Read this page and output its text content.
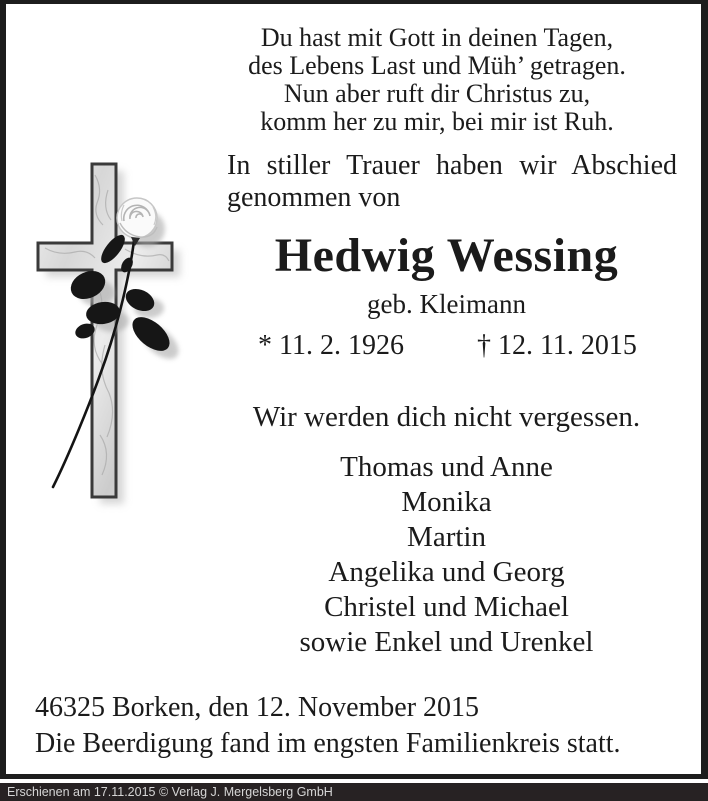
Du hast mit Gott in deinen Tagen,
des Lebens Last und Müh’ getragen.
Nun aber ruft dir Christus zu,
komm her zu mir, bei mir ist Ruh.
In stiller Trauer haben wir Abschied
genommen von
Hedwig Wessing
geb. Kleimann
* 11. 2. 1926	† 12. 11. 2015
Wir werden dich nicht vergessen.
Thomas und Anne
Monika
Martin
Angelika und Georg
Christel und Michael
sowie Enkel und Urenkel
46325 Borken, den 12. November 2015
Die Beerdigung fand im engsten Familienkreis statt.
Erschienen am 17.11.2015 © Verlag J. Mergelsberg GmbH
